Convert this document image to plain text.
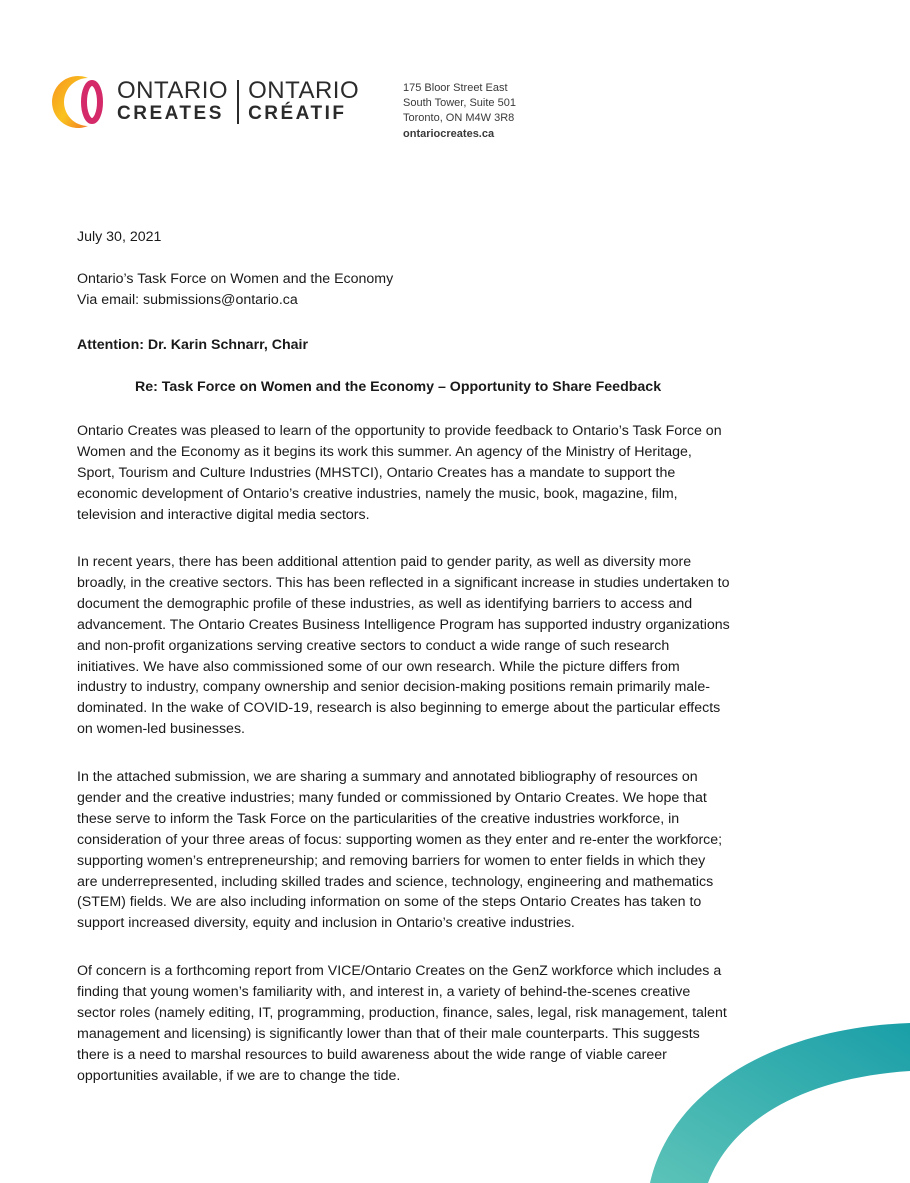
ONTARIO
CREATES
ONTARIO
CRÉATIF
175 Bloor Street East
South Tower, Suite 501
Toronto, ON M4W 3R8
ontariocreates.ca
July 30, 2021
Ontario’s Task Force on Women and the Economy
Via email: submissions@ontario.ca
Attention: Dr. Karin Schnarr, Chair
Re: Task Force on Women and the Economy – Opportunity to Share Feedback
Ontario Creates was pleased to learn of the opportunity to provide feedback to Ontario’s Task Force on
Women and the Economy as it begins its work this summer. An agency of the Ministry of Heritage,
Sport, Tourism and Culture Industries (MHSTCI), Ontario Creates has a mandate to support the
economic development of Ontario’s creative industries, namely the music, book, magazine, film,
television and interactive digital media sectors.
In recent years, there has been additional attention paid to gender parity, as well as diversity more
broadly, in the creative sectors. This has been reflected in a significant increase in studies undertaken to
document the demographic profile of these industries, as well as identifying barriers to access and
advancement. The Ontario Creates Business Intelligence Program has supported industry organizations
and non-profit organizations serving creative sectors to conduct a wide range of such research
initiatives. We have also commissioned some of our own research. While the picture differs from
industry to industry, company ownership and senior decision-making positions remain primarily male-
dominated. In the wake of COVID-19, research is also beginning to emerge about the particular effects
on women-led businesses.
In the attached submission, we are sharing a summary and annotated bibliography of resources on
gender and the creative industries; many funded or commissioned by Ontario Creates. We hope that
these serve to inform the Task Force on the particularities of the creative industries workforce, in
consideration of your three areas of focus: supporting women as they enter and re-enter the workforce;
supporting women’s entrepreneurship; and removing barriers for women to enter fields in which they
are underrepresented, including skilled trades and science, technology, engineering and mathematics
(STEM) fields. We are also including information on some of the steps Ontario Creates has taken to
support increased diversity, equity and inclusion in Ontario’s creative industries.
Of concern is a forthcoming report from VICE/Ontario Creates on the GenZ workforce which includes a
finding that young women’s familiarity with, and interest in, a variety of behind-the-scenes creative
sector roles (namely editing, IT, programming, production, finance, sales, legal, risk management, talent
management and licensing) is significantly lower than that of their male counterparts. This suggests
there is a need to marshal resources to build awareness about the wide range of viable career
opportunities available, if we are to change the tide.
